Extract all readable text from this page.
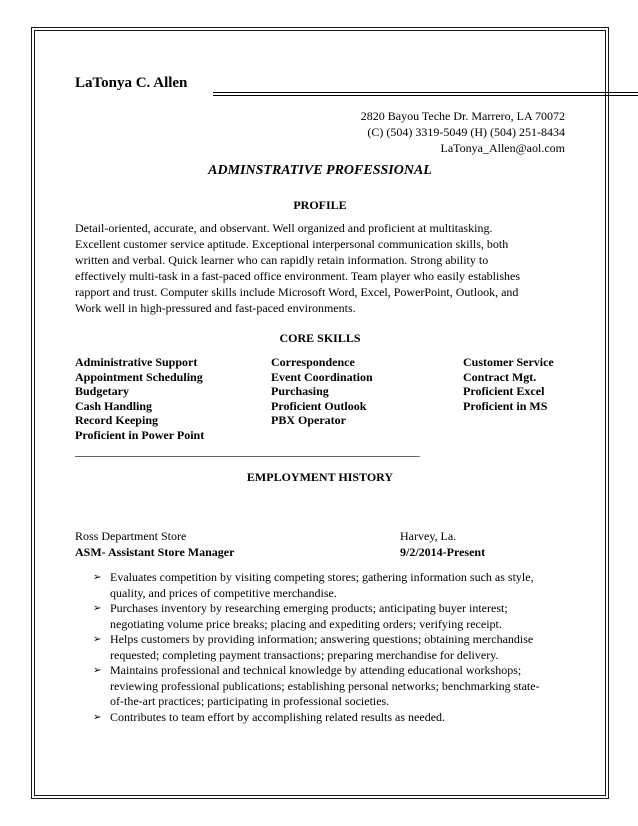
LaTonya C. Allen
2820 Bayou Teche Dr. Marrero, LA 70072
(C) (504) 3319-5049 (H) (504) 251-8434
LaTonya_Allen@aol.com
ADMINSTRATIVE PROFESSIONAL
PROFILE
Detail-oriented, accurate, and observant. Well organized and proficient at multitasking.
Excellent customer service aptitude. Exceptional interpersonal communication skills, both
written and verbal. Quick learner who can rapidly retain information. Strong ability to
effectively multi-task in a fast-paced office environment. Team player who easily establishes
rapport and trust. Computer skills include Microsoft Word, Excel, PowerPoint, Outlook, and
Work well in high-pressured and fast-paced environments.
CORE SKILLS
Administrative Support	Correspondence	Customer Service
Appointment Scheduling	Event Coordination	Contract Mgt.
Budgetary	Purchasing	Proficient Excel
Cash Handling	Proficient Outlook	Proficient in MS
Record Keeping	PBX Operator
Proficient in Power Point
______________________________________________________________________________
EMPLOYMENT HISTORY
Ross Department Store	Harvey, La.
ASM- Assistant Store Manager	9/2/2014-Present
➢ Evaluates competition by visiting competing stores; gathering information such as style,
quality, and prices of competitive merchandise.
➢ Purchases inventory by researching emerging products; anticipating buyer interest;
negotiating volume price breaks; placing and expediting orders; verifying receipt.
➢ Helps customers by providing information; answering questions; obtaining merchandise
requested; completing payment transactions; preparing merchandise for delivery.
➢ Maintains professional and technical knowledge by attending educational workshops;
reviewing professional publications; establishing personal networks; benchmarking state-
of-the-art practices; participating in professional societies.
➢ Contributes to team effort by accomplishing related results as needed.
